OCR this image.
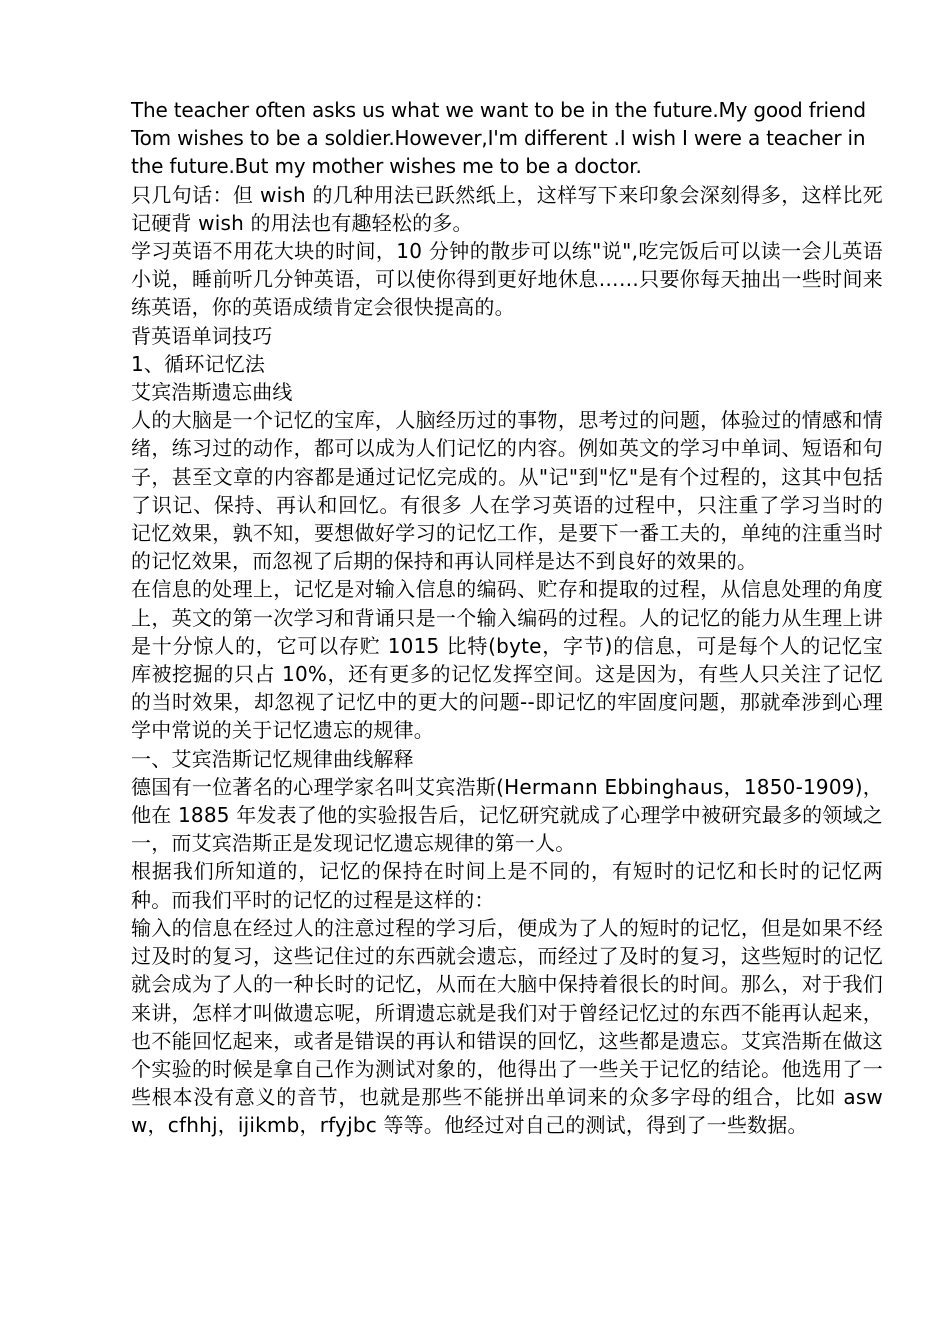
The teacher often asks us what we want to be in the future.My good friend Tom wishes to be a soldier.However,I'm different .I wish I were a teacher in the future.But my mother wishes me to be a doctor.

只几句话：但 wish 的几种用法已跃然纸上，这样写下来印象会深刻得多，这样比死记硬背 wish 的用法也有趣轻松的多。

学习英语不用花大块的时间，10 分钟的散步可以练"说",吃完饭后可以读一会儿英语小说，睡前听几分钟英语，可以使你得到更好地休息……只要你每天抽出一些时间来练英语，你的英语成绩肯定会很快提高的。

背英语单词技巧

1、循环记忆法

艾宾浩斯遗忘曲线

人的大脑是一个记忆的宝库，人脑经历过的事物，思考过的问题，体验过的情感和情绪，练习过的动作，都可以成为人们记忆的内容。例如英文的学习中单词、短语和句子，甚至文章的内容都是通过记忆完成的。从"记"到"忆"是有个过程的，这其中包括了识记、保持、再认和回忆。有很多 人在学习英语的过程中，只注重了学习当时的记忆效果，孰不知，要想做好学习的记忆工作，是要下一番工夫的，单纯的注重当时的记忆效果，而忽视了后期的保持和再认同样是达不到良好的效果的。

在信息的处理上，记忆是对输入信息的编码、贮存和提取的过程，从信息处理的角度上，英文的第一次学习和背诵只是一个输入编码的过程。人的记忆的能力从生理上讲是十分惊人的，它可以存贮 1015 比特(byte，字节)的信息，可是每个人的记忆宝库被挖掘的只占 10%，还有更多的记忆发挥空间。这是因为，有些人只关注了记忆的当时效果，却忽视了记忆中的更大的问题--即记忆的牢固度问题，那就牵涉到心理学中常说的关于记忆遗忘的规律。

一、艾宾浩斯记忆规律曲线解释

德国有一位著名的心理学家名叫艾宾浩斯(Hermann Ebbinghaus，1850-1909)，他在 1885 年发表了他的实验报告后，记忆研究就成了心理学中被研究最多的领域之一，而艾宾浩斯正是发现记忆遗忘规律的第一人。

根据我们所知道的，记忆的保持在时间上是不同的，有短时的记忆和长时的记忆两种。而我们平时的记忆的过程是这样的：

输入的信息在经过人的注意过程的学习后，便成为了人的短时的记忆，但是如果不经过及时的复习，这些记住过的东西就会遗忘，而经过了及时的复习，这些短时的记忆就会成为了人的一种长时的记忆，从而在大脑中保持着很长的时间。那么，对于我们来讲，怎样才叫做遗忘呢，所谓遗忘就是我们对于曾经记忆过的东西不能再认起来，也不能回忆起来，或者是错误的再认和错误的回忆，这些都是遗忘。艾宾浩斯在做这个实验的时候是拿自己作为测试对象的，他得出了一些关于记忆的结论。他选用了一些根本没有意义的音节，也就是那些不能拼出单词来的众多字母的组合，比如 asww，cfhhj，ijikmb，rfyjbc 等等。他经过对自己的测试，得到了一些数据。
